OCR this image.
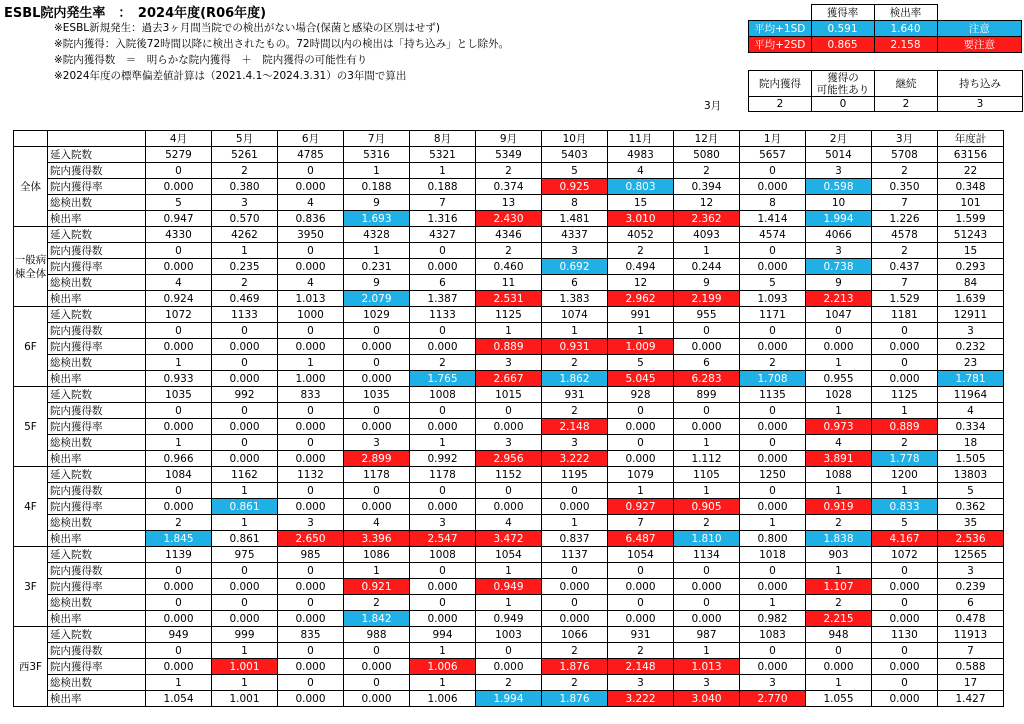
ESBL院内発生率　：　2024年度(R06年度)
※ESBL新規発生：過去3ヶ月間当院での検出がない場合(保菌と感染の区別はせず)
※院内獲得：入院後72時間以降に検出されたもの。72時間以内の検出は「持ち込み」とし除外。
※院内獲得数　＝　明らかな院内獲得　＋　院内獲得の可能性有り
※2024年度の標準偏差値計算は（2021.4.1～2024.3.31）の3年間で算出
	獲得率	検出率	
平均+1SD	0.591	1.640	注意
平均+2SD	0.865	2.158	要注意
3月
院内獲得	獲得の
可能性あり	継続	持ち込み
2	0	2	3
		4月	5月	6月	7月	8月	9月	10月	11月	12月	1月	2月	3月	年度計
全体	延入院数	5279	5261	4785	5316	5321	5349	5403	4983	5080	5657	5014	5708	63156
	院内獲得数	0	2	0	1	1	2	5	4	2	0	3	2	22
	院内獲得率	0.000	0.380	0.000	0.188	0.188	0.374	0.925	0.803	0.394	0.000	0.598	0.350	0.348
	総検出数	5	3	4	9	7	13	8	15	12	8	10	7	101
	検出率	0.947	0.570	0.836	1.693	1.316	2.430	1.481	3.010	2.362	1.414	1.994	1.226	1.599
一般病
棟全体	延入院数	4330	4262	3950	4328	4327	4346	4337	4052	4093	4574	4066	4578	51243
	院内獲得数	0	1	0	1	0	2	3	2	1	0	3	2	15
	院内獲得率	0.000	0.235	0.000	0.231	0.000	0.460	0.692	0.494	0.244	0.000	0.738	0.437	0.293
	総検出数	4	2	4	9	6	11	6	12	9	5	9	7	84
	検出率	0.924	0.469	1.013	2.079	1.387	2.531	1.383	2.962	2.199	1.093	2.213	1.529	1.639
6F	延入院数	1072	1133	1000	1029	1133	1125	1074	991	955	1171	1047	1181	12911
	院内獲得数	0	0	0	0	0	1	1	1	0	0	0	0	3
	院内獲得率	0.000	0.000	0.000	0.000	0.000	0.889	0.931	1.009	0.000	0.000	0.000	0.000	0.232
	総検出数	1	0	1	0	2	3	2	5	6	2	1	0	23
	検出率	0.933	0.000	1.000	0.000	1.765	2.667	1.862	5.045	6.283	1.708	0.955	0.000	1.781
5F	延入院数	1035	992	833	1035	1008	1015	931	928	899	1135	1028	1125	11964
	院内獲得数	0	0	0	0	0	0	2	0	0	0	1	1	4
	院内獲得率	0.000	0.000	0.000	0.000	0.000	0.000	2.148	0.000	0.000	0.000	0.973	0.889	0.334
	総検出数	1	0	0	3	1	3	3	0	1	0	4	2	18
	検出率	0.966	0.000	0.000	2.899	0.992	2.956	3.222	0.000	1.112	0.000	3.891	1.778	1.505
4F	延入院数	1084	1162	1132	1178	1178	1152	1195	1079	1105	1250	1088	1200	13803
	院内獲得数	0	1	0	0	0	0	0	1	1	0	1	1	5
	院内獲得率	0.000	0.861	0.000	0.000	0.000	0.000	0.000	0.927	0.905	0.000	0.919	0.833	0.362
	総検出数	2	1	3	4	3	4	1	7	2	1	2	5	35
	検出率	1.845	0.861	2.650	3.396	2.547	3.472	0.837	6.487	1.810	0.800	1.838	4.167	2.536
3F	延入院数	1139	975	985	1086	1008	1054	1137	1054	1134	1018	903	1072	12565
	院内獲得数	0	0	0	1	0	1	0	0	0	0	1	0	3
	院内獲得率	0.000	0.000	0.000	0.921	0.000	0.949	0.000	0.000	0.000	0.000	1.107	0.000	0.239
	総検出数	0	0	0	2	0	1	0	0	0	1	2	0	6
	検出率	0.000	0.000	0.000	1.842	0.000	0.949	0.000	0.000	0.000	0.982	2.215	0.000	0.478
西3F	延入院数	949	999	835	988	994	1003	1066	931	987	1083	948	1130	11913
	院内獲得数	0	1	0	0	1	0	2	2	1	0	0	0	7
	院内獲得率	0.000	1.001	0.000	0.000	1.006	0.000	1.876	2.148	1.013	0.000	0.000	0.000	0.588
	総検出数	1	1	0	0	1	2	2	3	3	3	1	0	17
	検出率	1.054	1.001	0.000	0.000	1.006	1.994	1.876	3.222	3.040	2.770	1.055	0.000	1.427
